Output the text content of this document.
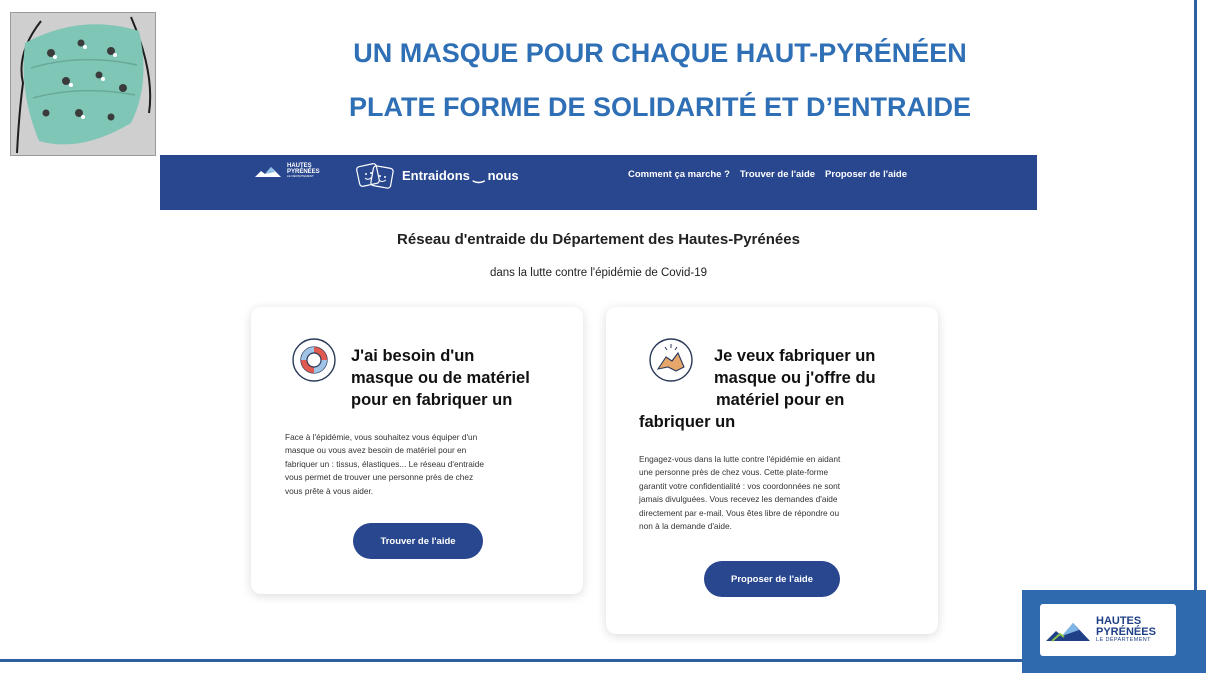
UN MASQUE POUR CHAQUE HAUT-PYRÉNÉEN
PLATE FORME DE SOLIDARITÉ ET D’ENTRAIDE
HAUTES
PYRÉNÉES
LE DÉPARTEMENT	Entraidons ‿ nous	Comment ça marche ? Trouver de l'aide Proposer de l'aide
Réseau d'entraide du Département des Hautes-Pyrénées
dans la lutte contre l'épidémie de Covid-19
J'ai besoin d'un
masque ou de matériel
pour en fabriquer un
Face à l'épidémie, vous souhaitez vous équiper d'un
masque ou vous avez besoin de matériel pour en
fabriquer un : tissus, élastiques... Le réseau d'entraide
vous permet de trouver une personne près de chez
vous prête à vous aider.
Trouver de l'aide
Je veux fabriquer un
masque ou j'offre du
matériel pour en
fabriquer un
Engagez-vous dans la lutte contre l'épidémie en aidant
une personne près de chez vous. Cette plate-forme
garantit votre confidentialité : vos coordonnées ne sont
jamais divulguées. Vous recevez les demandes d'aide
directement par e-mail. Vous êtes libre de répondre ou
non à la demande d'aide.
Proposer de l'aide
HAUTES
PYRÉNÉES
LE DÉPARTEMENT
